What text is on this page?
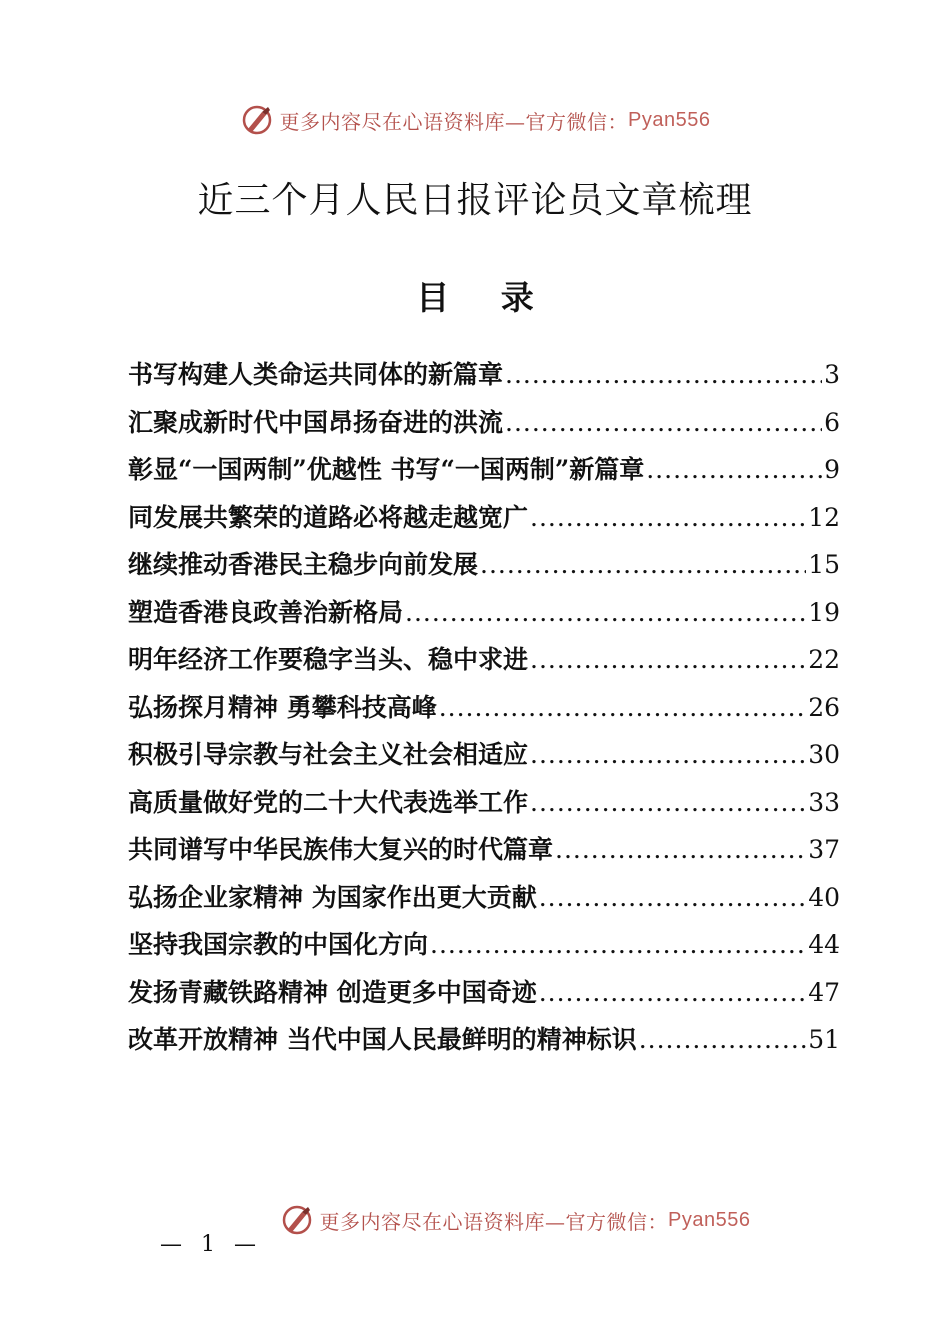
更多内容尽在心语资料库—官方微信： Pyan556
近三个月人民日报评论员文章梳理
目 录
书写构建人类命运共同体的新篇章 .....	3
汇聚成新时代中国昂扬奋进的洪流 .....	6
彰显“一国两制”优越性 书写“一国两制”新篇章 .....	9
同发展共繁荣的道路必将越走越宽广 .....	12
继续推动香港民主稳步向前发展 .....	15
塑造香港良政善治新格局 .....	19
明年经济工作要稳字当头、稳中求进 .....	22
弘扬探月精神 勇攀科技高峰 .....	26
积极引导宗教与社会主义社会相适应 .....	30
高质量做好党的二十大代表选举工作 .....	33
共同谱写中华民族伟大复兴的时代篇章 .....	37
弘扬企业家精神 为国家作出更大贡献 .....	40
坚持我国宗教的中国化方向 .....	44
发扬青藏铁路精神 创造更多中国奇迹 .....	47
改革开放精神 当代中国人民最鲜明的精神标识 .....	51
更多内容尽在心语资料库—官方微信： Pyan556
— 1 —
